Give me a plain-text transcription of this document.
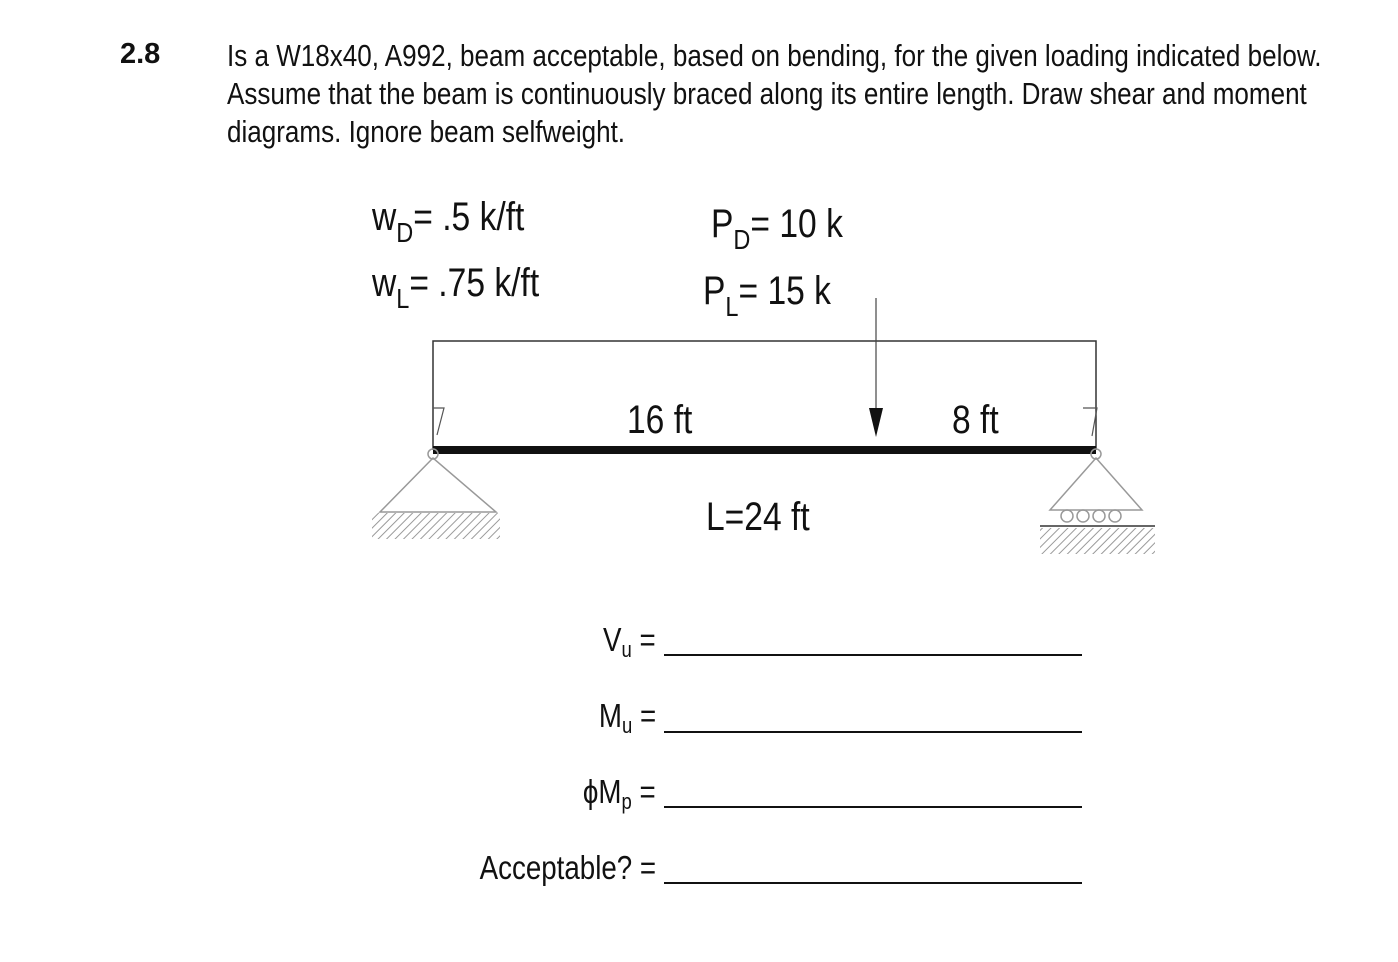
2.8 Is a W18x40, A992, beam acceptable, based on bending, for the given loading indicated below.
Assume that the beam is continuously braced along its entire length. Draw shear and moment
diagrams. Ignore beam selfweight.
$w_D= .5$ k/ft
$w_L= .75$ k/ft
$P_D= 10$ k
$P_L= 15$ k
16 ft	8 ft
L=24 ft
$V_u$ =
$M_u$ =
$\phi M_p$ =
Acceptable? =
